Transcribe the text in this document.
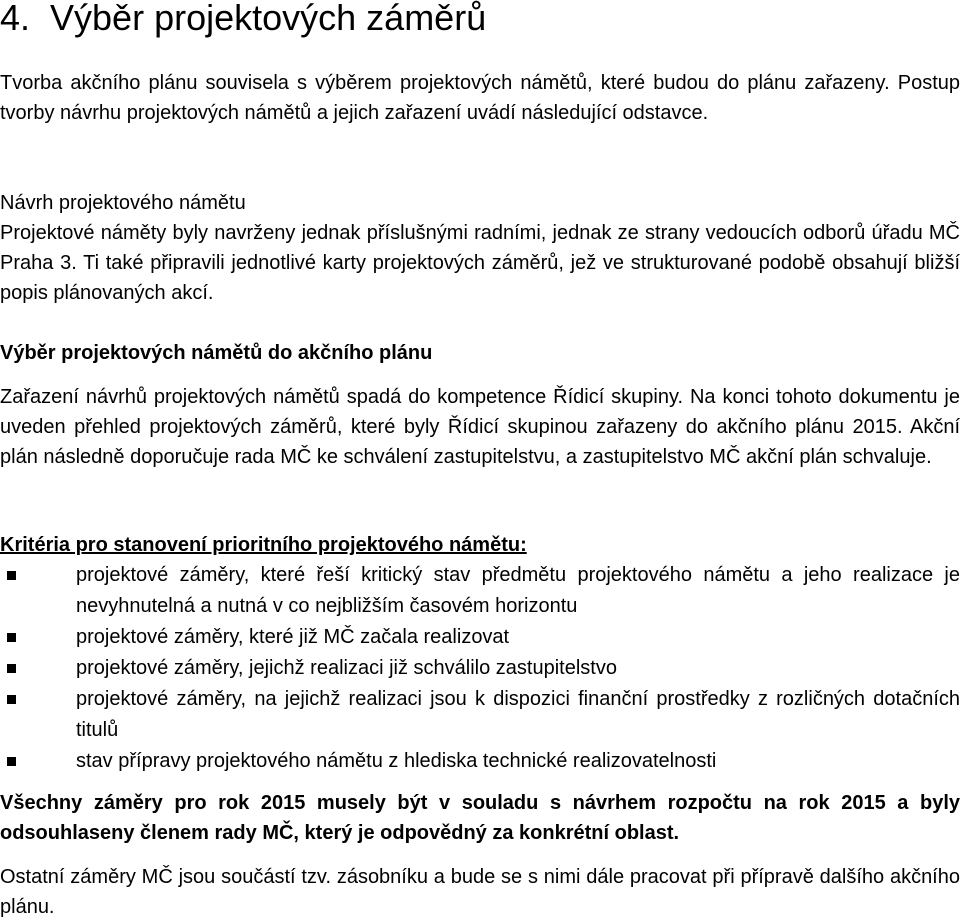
4.  Výběr projektových záměrů

Tvorba akčního plánu souvisela s výběrem projektových námětů, které budou do plánu zařazeny. Postup tvorby návrhu projektových námětů a jejich zařazení uvádí následující odstavce.

Návrh projektového námětu

Projektové náměty byly navrženy jednak příslušnými radními, jednak ze strany vedoucích odborů úřadu MČ Praha 3. Ti také připravili jednotlivé karty projektových záměrů, jež ve strukturované podobě obsahují bližší popis plánovaných akcí.

Výběr projektových námětů do akčního plánu

Zařazení návrhů projektových námětů spadá do kompetence Řídicí skupiny. Na konci tohoto dokumentu je uveden přehled projektových záměrů, které byly Řídicí skupinou zařazeny do akčního plánu 2015. Akční plán následně doporučuje rada MČ ke schválení zastupitelstvu, a zastupitelstvo MČ akční plán schvaluje.

Kritéria pro stanovení prioritního projektového námětu:

projektové záměry, které řeší kritický stav předmětu projektového námětu a jeho realizace je nevyhnutelná a nutná v co nejbližším časovém horizontu
projektové záměry, které již MČ začala realizovat
projektové záměry, jejichž realizaci již schválilo zastupitelstvo
projektové záměry, na jejichž realizaci jsou k dispozici finanční prostředky z rozličných dotačních titulů
stav přípravy projektového námětu z hlediska technické realizovatelnosti

Všechny záměry pro rok 2015 musely být v souladu s návrhem rozpočtu na rok 2015 a byly odsouhlaseny členem rady MČ, který je odpovědný za konkrétní oblast.

Ostatní záměry MČ jsou součástí tzv. zásobníku a bude se s nimi dále pracovat při přípravě dalšího akčního plánu.
